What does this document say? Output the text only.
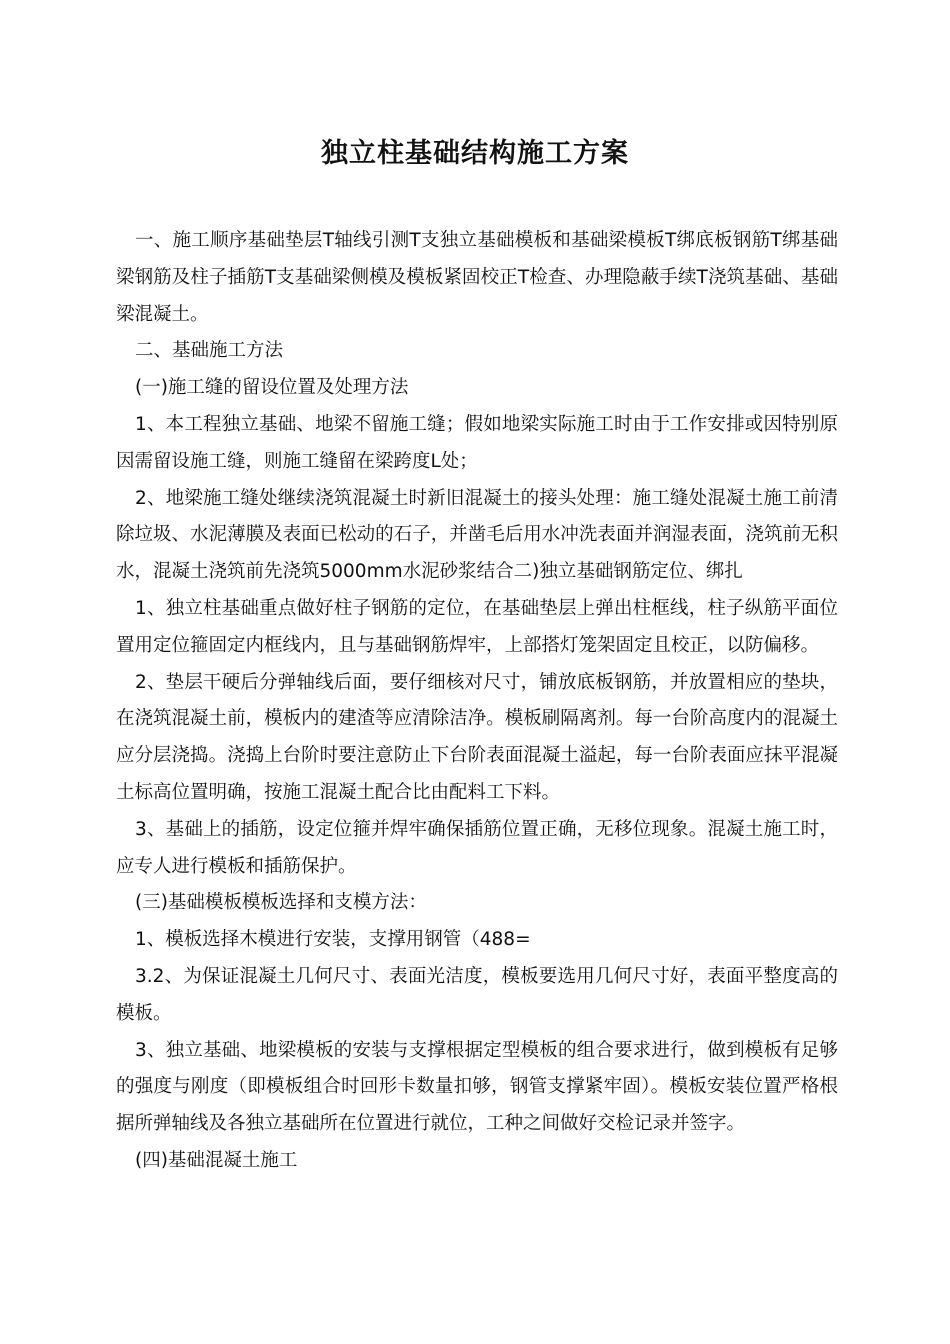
独立柱基础结构施工方案

一、施工顺序基础垫层T轴线引测T支独立基础模板和基础梁模板T绑底板钢筋T绑基础梁钢筋及柱子插筋T支基础梁侧模及模板紧固校正T检查、办理隐蔽手续T浇筑基础、基础梁混凝土。

二、基础施工方法

(一)施工缝的留设位置及处理方法

1、本工程独立基础、地梁不留施工缝；假如地梁实际施工时由于工作安排或因特别原因需留设施工缝，则施工缝留在梁跨度L处；

2、地梁施工缝处继续浇筑混凝土时新旧混凝土的接头处理：施工缝处混凝土施工前清除垃圾、水泥薄膜及表面已松动的石子，并凿毛后用水冲洗表面并润湿表面，浇筑前无积水，混凝土浇筑前先浇筑5000mm水泥砂浆结合二)独立基础钢筋定位、绑扎

1、独立柱基础重点做好柱子钢筋的定位，在基础垫层上弹出柱框线，柱子纵筋平面位置用定位箍固定内框线内，且与基础钢筋焊牢，上部搭灯笼架固定且校正，以防偏移。

2、垫层干硬后分弹轴线后面，要仔细核对尺寸，铺放底板钢筋，并放置相应的垫块，在浇筑混凝土前，模板内的建渣等应清除洁净。模板刷隔离剂。每一台阶高度内的混凝土应分层浇捣。浇捣上台阶时要注意防止下台阶表面混凝土溢起，每一台阶表面应抹平混凝土标高位置明确，按施工混凝土配合比由配料工下料。

3、基础上的插筋，设定位箍并焊牢确保插筋位置正确，无移位现象。混凝土施工时，应专人进行模板和插筋保护。

(三)基础模板模板选择和支模方法：

1、模板选择木模进行安装，支撑用钢管（488=

3.2、为保证混凝土几何尺寸、表面光洁度，模板要选用几何尺寸好，表面平整度高的模板。

3、独立基础、地梁模板的安装与支撑根据定型模板的组合要求进行，做到模板有足够的强度与刚度（即模板组合时回形卡数量扣够，钢管支撑紧牢固）。模板安装位置严格根据所弹轴线及各独立基础所在位置进行就位，工种之间做好交检记录并签字。

(四)基础混凝土施工
